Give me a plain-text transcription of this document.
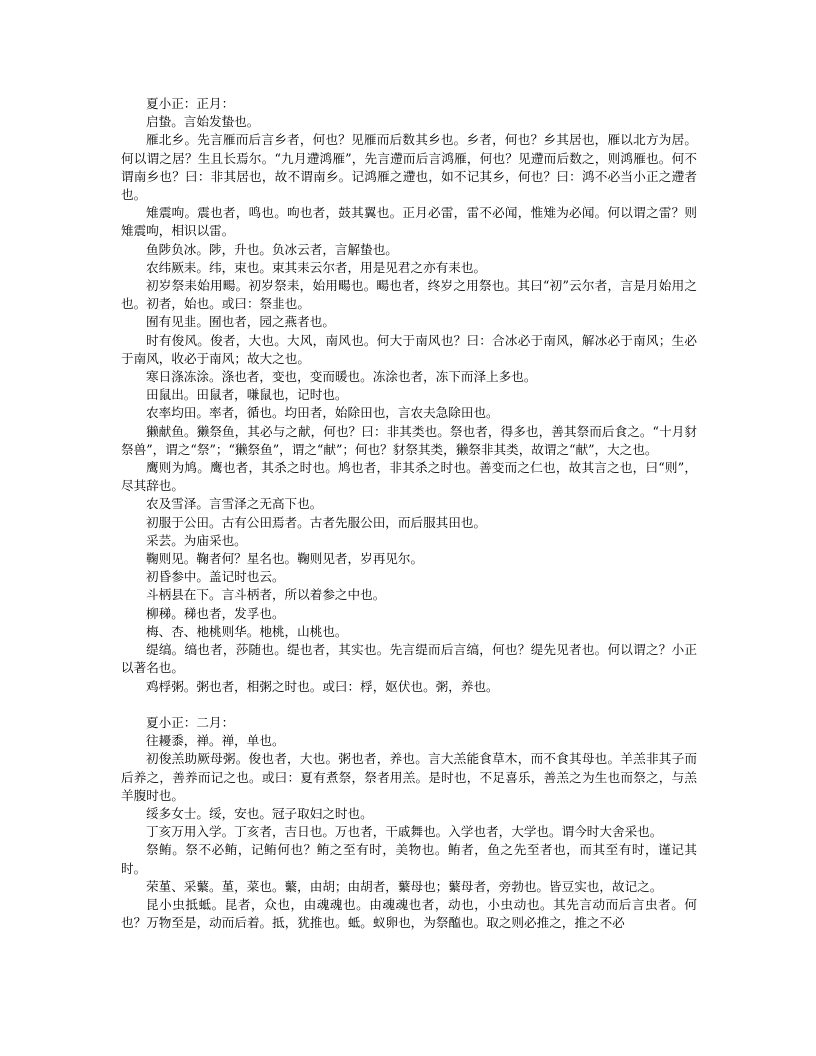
夏小正：正月：

启蛰。言始发蛰也。

雁北乡。先言雁而后言乡者，何也？见雁而后数其乡也。乡者，何也？乡其居也，雁以北方为居。何以谓之居？生且长焉尔。“九月遰鸿雁”，先言遰而后言鸿雁，何也？见遰而后数之，则鸿雁也。何不谓南乡也？曰：非其居也，故不谓南乡。记鸿雁之遰也，如不记其乡，何也？曰：鸿不必当小正之遰者也。

雉震呴。震也者，鸣也。呴也者，鼓其翼也。正月必雷，雷不必闻，惟雉为必闻。何以谓之雷？则雉震呴，相识以雷。

鱼陟负冰。陟，升也。负冰云者，言解蛰也。

农纬厥耒。纬，束也。束其耒云尔者，用是见君之亦有耒也。

初岁祭耒始用畼。初岁祭耒，始用畼也。畼也者，终岁之用祭也。其曰“初”云尔者，言是月始用之也。初者，始也。或曰：祭韭也。

囿有见韭。囿也者，园之燕者也。

时有俊风。俊者，大也。大风，南风也。何大于南风也？曰：合冰必于南风，解冰必于南风；生必于南风，收必于南风；故大之也。

寒日涤冻涂。涤也者，变也，变而暖也。冻涂也者，冻下而泽上多也。

田鼠出。田鼠者，嗛鼠也，记时也。

农率均田。率者，循也。均田者，始除田也，言农夫急除田也。

獭献鱼。獭祭鱼，其必与之献，何也？曰：非其类也。祭也者，得多也，善其祭而后食之。“十月豺祭兽”，谓之“祭”；“獭祭鱼”，谓之“献”；何也？豺祭其类，獭祭非其类，故谓之“献”，大之也。

鹰则为鸠。鹰也者，其杀之时也。鸠也者，非其杀之时也。善变而之仁也，故其言之也，曰“则”，尽其辞也。

农及雪泽。言雪泽之无高下也。

初服于公田。古有公田焉者。古者先服公田，而后服其田也。

采芸。为庙采也。

鞠则见。鞠者何？星名也。鞠则见者，岁再见尔。

初昏参中。盖记时也云。

斗柄县在下。言斗柄者，所以着参之中也。

柳稊。稊也者，发孚也。

梅、杏、杝桃则华。杝桃，山桃也。

缇缟。缟也者，莎随也。缇也者，其实也。先言缇而后言缟，何也？缇先见者也。何以谓之？小正以著名也。

鸡桴粥。粥也者，相粥之时也。或曰：桴，妪伏也。粥，养也。

夏小正：二月：

往耰黍，禅。禅，单也。

初俊羔助厥母粥。俊也者，大也。粥也者，养也。言大羔能食草木，而不食其母也。羊羔非其子而后养之，善养而记之也。或曰：夏有煮祭，祭者用羔。是时也，不足喜乐，善羔之为生也而祭之，与羔羊腹时也。

绥多女士。绥，安也。冠子取妇之时也。

丁亥万用入学。丁亥者，吉日也。万也者，干戚舞也。入学也者，大学也。谓今时大舍采也。

祭鲔。祭不必鲔，记鲔何也？鲔之至有时，美物也。鲔者，鱼之先至者也，而其至有时，谨记其时。

荣堇、采蘩。堇，菜也。蘩，由胡；由胡者，蘩母也；蘩母者，旁勃也。皆豆实也，故记之。

昆小虫抵蚳。昆者，众也，由魂魂也。由魂魂也者，动也，小虫动也。其先言动而后言虫者。何也？万物至是，动而后着。抵，犹推也。蚳。蚁卵也，为祭醢也。取之则必推之，推之不必
